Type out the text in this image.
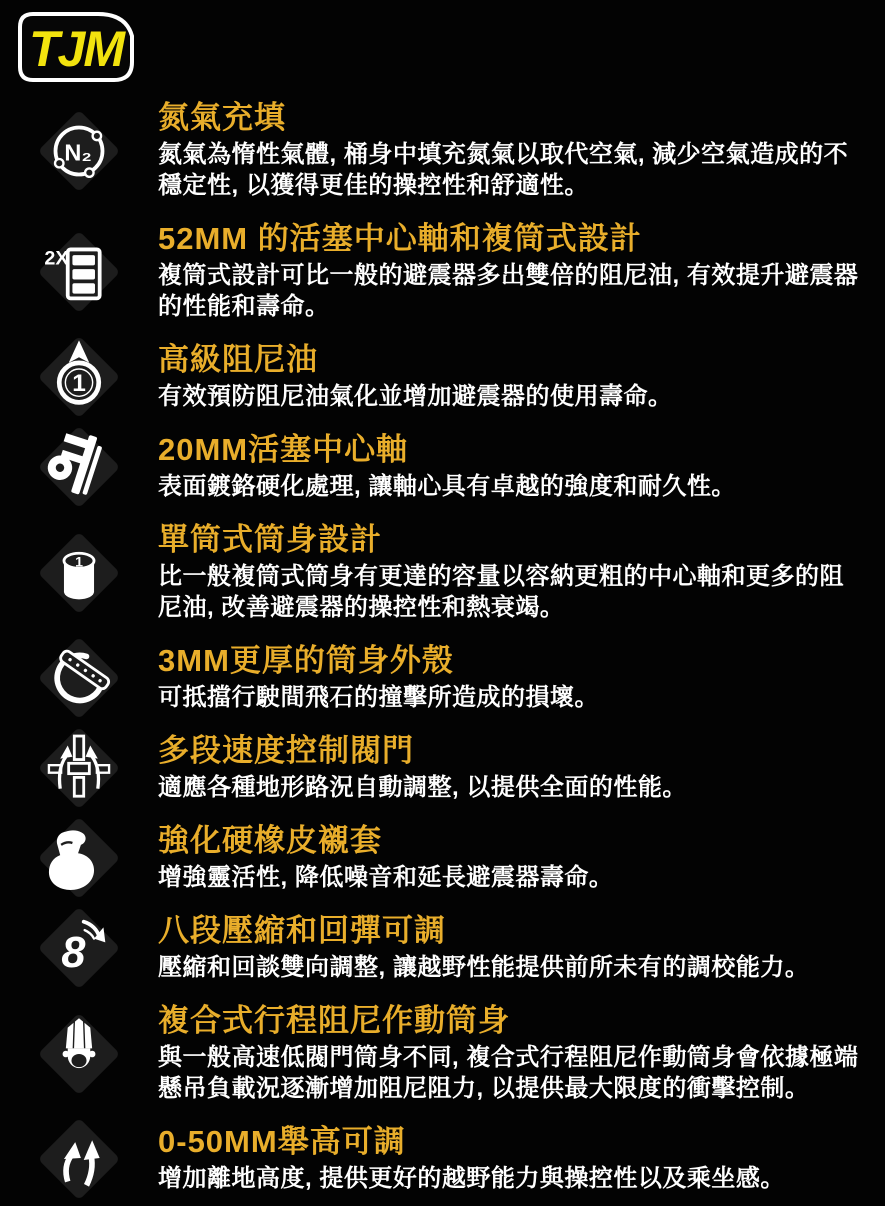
TJM
N₂
氮氣充填

氮氣為惰性氣體, 桶身中填充氮氣以取代空氣, 減少空氣造成的不穩定性, 以獲得更佳的操控性和舒適性。

2X
52MM 的活塞中心軸和複筒式設計

複筒式設計可比一般的避震器多出雙倍的阻尼油, 有效提升避震器的性能和壽命。

1
高級阻尼油

有效預防阻尼油氣化並增加避震器的使用壽命。

20MM活塞中心軸

表面鍍鉻硬化處理, 讓軸心具有卓越的強度和耐久性。

1
單筒式筒身設計

比一般複筒式筒身有更達的容量以容納更粗的中心軸和更多的阻尼油, 改善避震器的操控性和熱衰竭。

3MM更厚的筒身外殼

可抵擋行駛間飛石的撞擊所造成的損壞。

多段速度控制閥門

適應各種地形路況自動調整, 以提供全面的性能。

強化硬橡皮襯套

增強靈活性, 降低噪音和延長避震器壽命。

8 八段壓縮和回彈可調

壓縮和回談雙向調整, 讓越野性能提供前所未有的調校能力。

複合式行程阻尼作動筒身

與一般高速低閥門筒身不同, 複合式行程阻尼作動筒身會依據極端懸吊負載況逐漸增加阻尼阻力, 以提供最大限度的衝擊控制。

0-50MM舉高可調

增加離地高度, 提供更好的越野能力與操控性以及乘坐感。
